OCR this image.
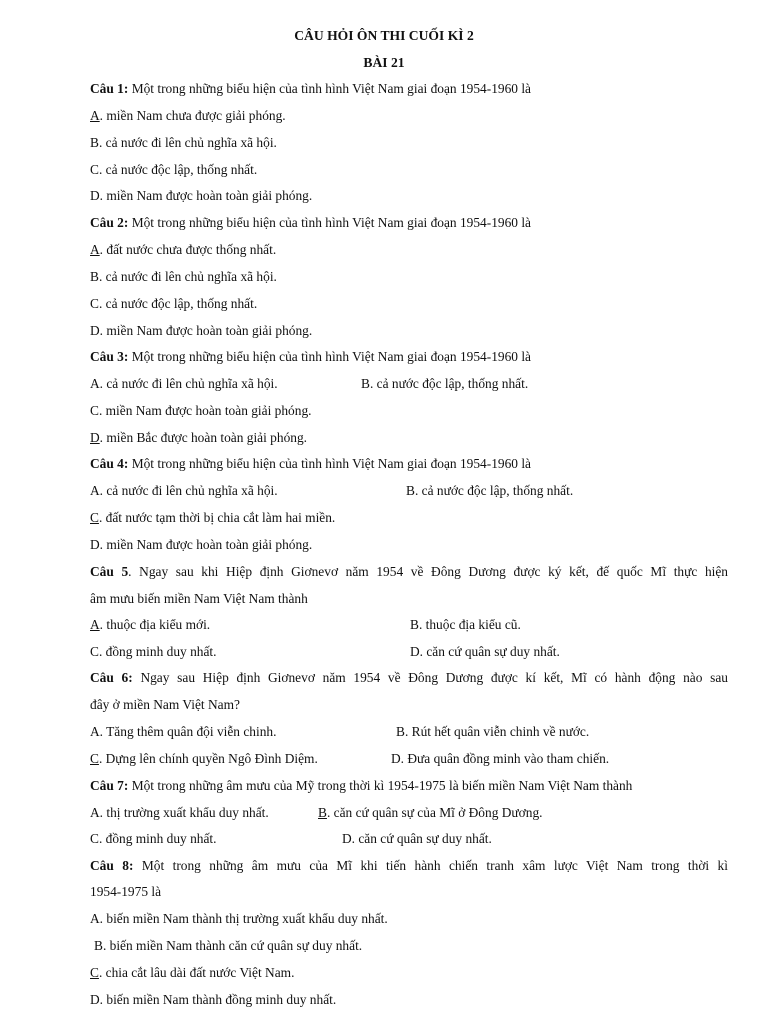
CÂU HỎI ÔN THI CUỐI KÌ 2
BÀI 21
Câu 1: Một trong những biểu hiện của tình hình Việt Nam giai đoạn 1954-1960 là
A. miền Nam chưa được giải phóng.
B. cả nước đi lên chủ nghĩa xã hội.
C. cả nước độc lập, thống nhất.
D. miền Nam được hoàn toàn giải phóng.
Câu 2: Một trong những biểu hiện của tình hình Việt Nam giai đoạn 1954-1960 là
A. đất nước chưa được thống nhất.
B. cả nước đi lên chủ nghĩa xã hội.
C. cả nước độc lập, thống nhất.
D. miền Nam được hoàn toàn giải phóng.
Câu 3: Một trong những biểu hiện của tình hình Việt Nam giai đoạn 1954-1960 là
A. cả nước đi lên chủ nghĩa xã hội.	B. cả nước độc lập, thống nhất.
C. miền Nam được hoàn toàn giải phóng.
D. miền Bắc được hoàn toàn giải phóng.
Câu 4: Một trong những biểu hiện của tình hình Việt Nam giai đoạn 1954-1960 là
A. cả nước đi lên chủ nghĩa xã hội.	B. cả nước độc lập, thống nhất.
C. đất nước tạm thời bị chia cắt làm hai miền.
D. miền Nam được hoàn toàn giải phóng.
Câu 5. Ngay sau khi Hiệp định Giơnevơ năm 1954 về Đông Dương được ký kết, đế quốc Mĩ thực hiện
âm mưu biến miền Nam Việt Nam thành
A. thuộc địa kiểu mới.	B. thuộc địa kiểu cũ.
C. đồng minh duy nhất.	D. căn cứ quân sự duy nhất.
Câu 6: Ngay sau Hiệp định Giơnevơ năm 1954 về Đông Dương được kí kết, Mĩ có hành động nào sau
đây ở miền Nam Việt Nam?
A. Tăng thêm quân đội viễn chinh.	B. Rút hết quân viễn chinh về nước.
C. Dựng lên chính quyền Ngô Đình Diệm.	D. Đưa quân đồng minh vào tham chiến.
Câu 7: Một trong những âm mưu của Mỹ trong thời kì 1954-1975 là biến miền Nam Việt Nam thành
A. thị trường xuất khẩu duy nhất.	B. căn cứ quân sự của Mĩ ở Đông Dương.
C. đồng minh duy nhất.	D. căn cứ quân sự duy nhất.
Câu 8: Một trong những âm mưu của Mĩ khi tiến hành chiến tranh xâm lược Việt Nam trong thời kì
1954-1975 là
A. biến miền Nam thành thị trường xuất khẩu duy nhất.
B. biến miền Nam thành căn cứ quân sự duy nhất.
C. chia cắt lâu dài đất nước Việt Nam.
D. biến miền Nam thành đồng minh duy nhất.
